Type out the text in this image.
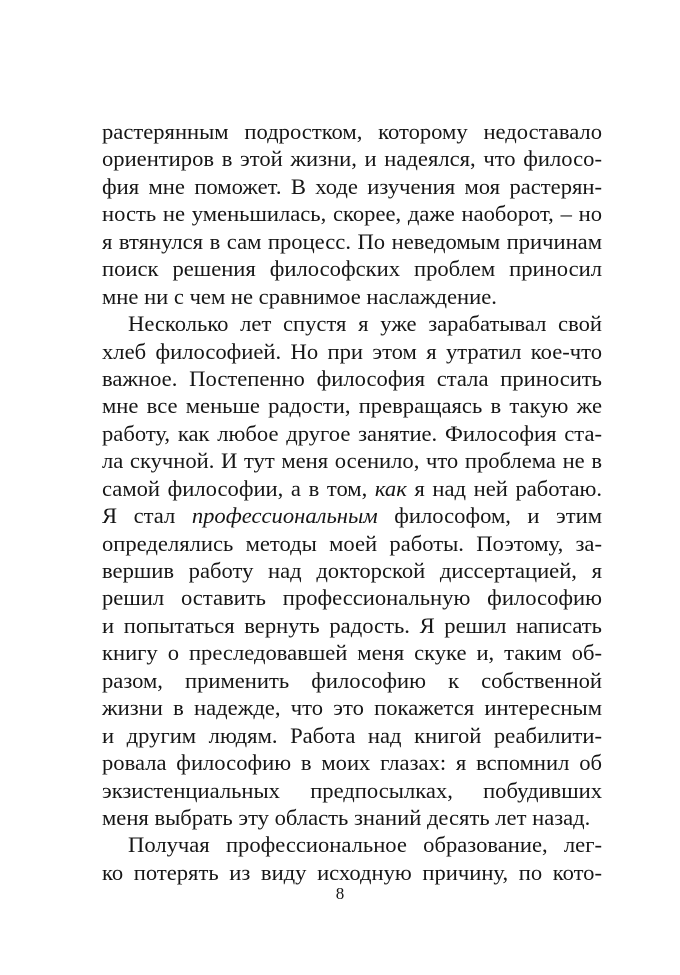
растерянным подростком, которому недоставало
ориентиров в этой жизни, и надеялся, что филосо-
фия мне поможет. В ходе изучения моя растерян-
ность не уменьшилась, скорее, даже наоборот, – но
я втянулся в сам процесс. По неведомым причинам
поиск решения философских проблем приносил
мне ни с чем не сравнимое наслаждение.
Несколько лет спустя я уже зарабатывал свой
хлеб философией. Но при этом я утратил кое-что
важное. Постепенно философия стала приносить
мне все меньше радости, превращаясь в такую же
работу, как любое другое занятие. Философия ста-
ла скучной. И тут меня осенило, что проблема не в
самой философии, а в том, как я над ней работаю.
Я стал профессиональным философом, и этим
определялись методы моей работы. Поэтому, за-
вершив работу над докторской диссертацией, я
решил оставить профессиональную философию
и попытаться вернуть радость. Я решил написать
книгу о преследовавшей меня скуке и, таким об-
разом, применить философию к собственной
жизни в надежде, что это покажется интересным
и другим людям. Работа над книгой реабилити-
ровала философию в моих глазах: я вспомнил об
экзистенциальных предпосылках, побудивших
меня выбрать эту область знаний десять лет назад.
Получая профессиональное образование, лег-
ко потерять из виду исходную причину, по кото-
8
